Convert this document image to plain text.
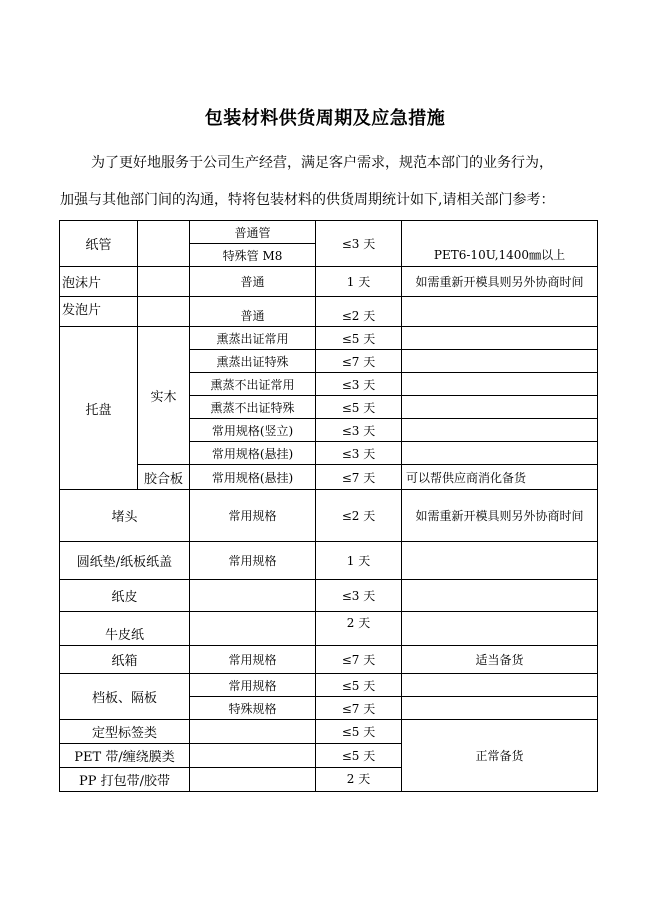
包装材料供货周期及应急措施
为了更好地服务于公司生产经营，满足客户需求，规范本部门的业务行为，
加强与其他部门间的沟通，特将包装材料的供货周期统计如下,请相关部门参考：
纸管		普通管	≤3 天	
		特殊管 M8		PET6-10U,1400㎜以上
泡沫片		普通	1 天	如需重新开模具则另外协商时间
发泡片		普通	≤2 天	
托盘	实木	熏蒸出证常用	≤5 天	
		熏蒸出证特殊	≤7 天	
		熏蒸不出证常用	≤3 天	
		熏蒸不出证特殊	≤5 天	
		常用规格(竖立)	≤3 天	
		常用规格(悬挂)	≤3 天	
	胶合板	常用规格(悬挂)	≤7 天	可以帮供应商消化备货
堵头		常用规格	≤2 天	如需重新开模具则另外协商时间
圆纸垫/纸板纸盖		常用规格	1 天	
纸皮			≤3 天	
牛皮纸			2 天	
纸箱		常用规格	≤7 天	适当备货
档板、隔板		常用规格	≤5 天	
		特殊规格	≤7 天	
定型标签类			≤5 天	正常备货
PET 带/缠绕膜类			≤5 天	
PP 打包带/胶带			2 天	
